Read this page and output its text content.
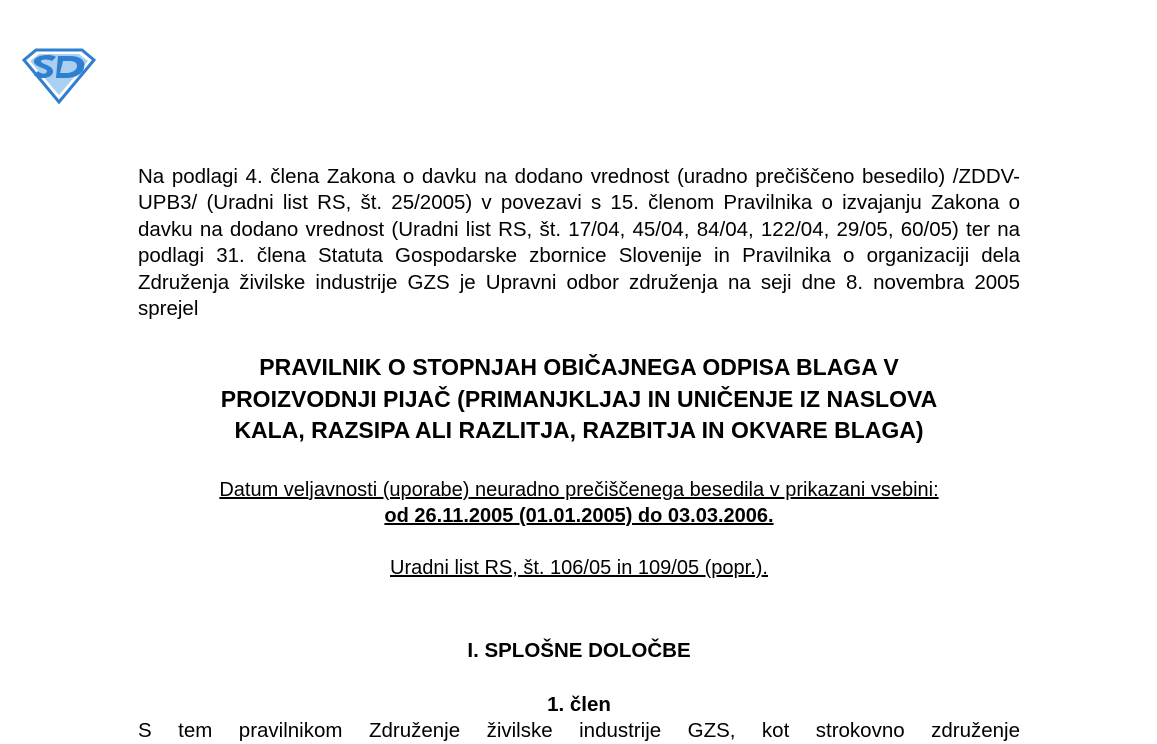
Na podlagi 4. člena Zakona o davku na dodano vrednost (uradno prečiščeno besedilo) /ZDDV-UPB3/ (Uradni list RS, št. 25/2005) v povezavi s 15. členom Pravilnika o izvajanju Zakona o davku na dodano vrednost (Uradni list RS, št. 17/04, 45/04, 84/04, 122/04, 29/05, 60/05) ter na podlagi 31. člena Statuta Gospodarske zbornice Slovenije in Pravilnika o organizaciji dela Združenja živilske industrije GZS je Upravni odbor združenja na seji dne 8. novembra 2005 sprejel

PRAVILNIK O STOPNJAH OBIČAJNEGA ODPISA BLAGA V
PROIZVODNJI PIJAČ (PRIMANJKLJAJ IN UNIČENJE IZ NASLOVA
KALA, RAZSIPA ALI RAZLITJA, RAZBITJA IN OKVARE BLAGA)
Datum veljavnosti (uporabe) neuradno prečiščenega besedila v prikazani vsebini:
od 26.11.2005 (01.01.2005) do 03.03.2006.
Uradni list RS, št. 106/05 in 109/05 (popr.).
I. SPLOŠNE DOLOČBE
1. člen

S tem pravilnikom Združenje živilske industrije GZS, kot strokovno združenje
